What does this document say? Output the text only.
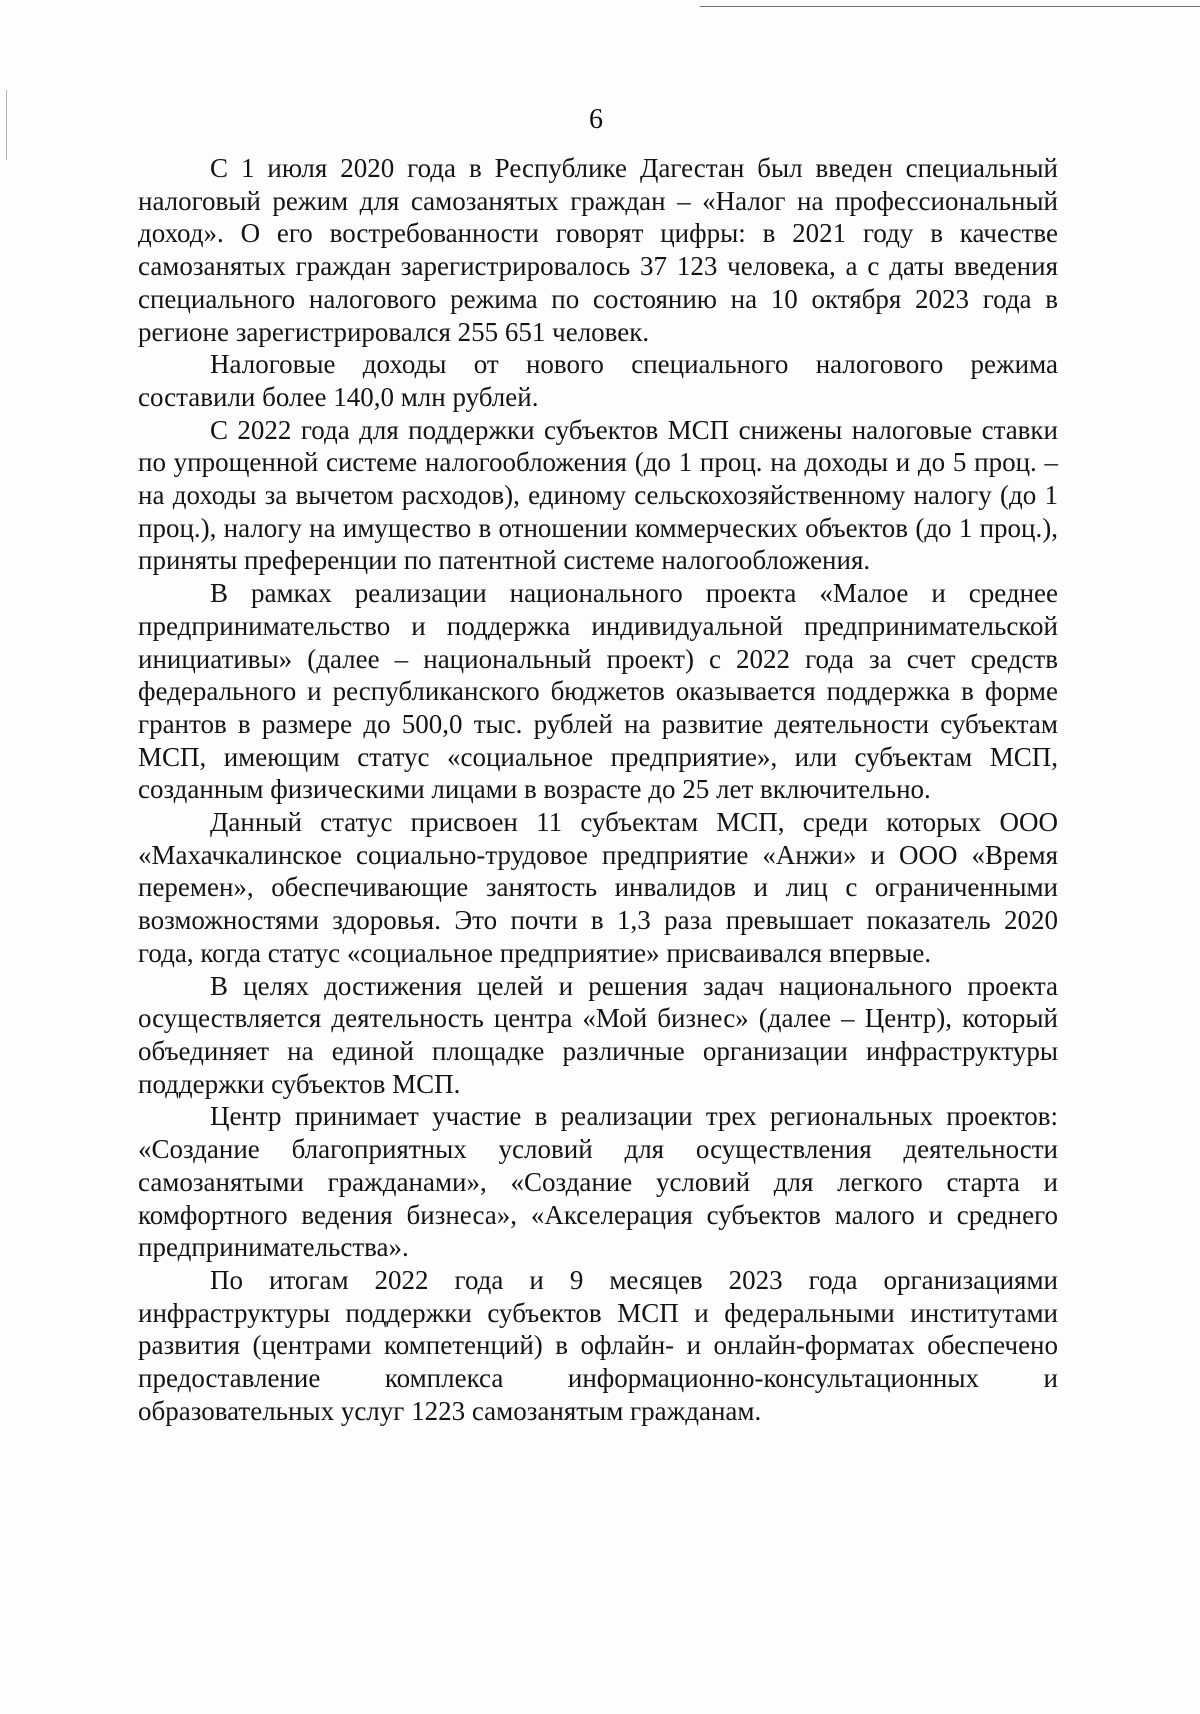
6

С 1 июля 2020 года в Республике Дагестан был введен специальный налоговый режим для самозанятых граждан – «Налог на профессиональный доход». О его востребованности говорят цифры: в 2021 году в качестве самозанятых граждан зарегистрировалось 37 123 человека, а с даты введения специального налогового режима по состоянию на 10 октября 2023 года в регионе зарегистрировался 255 651 человек.

Налоговые доходы от нового специального налогового режима составили более 140,0 млн рублей.

С 2022 года для поддержки субъектов МСП снижены налоговые ставки по упрощенной системе налогообложения (до 1 проц. на доходы и до 5 проц. – на доходы за вычетом расходов), единому сельскохозяйственному налогу (до 1 проц.), налогу на имущество в отношении коммерческих объектов (до 1 проц.), приняты преференции по патентной системе налогообложения.

В рамках реализации национального проекта «Малое и среднее предпринимательство и поддержка индивидуальной предпринимательской инициативы» (далее – национальный проект) с 2022 года за счет средств федерального и республиканского бюджетов оказывается поддержка в форме грантов в размере до 500,0 тыс. рублей на развитие деятельности субъектам МСП, имеющим статус «социальное предприятие», или субъектам МСП, созданным физическими лицами в возрасте до 25 лет включительно.

Данный статус присвоен 11 субъектам МСП, среди которых ООО «Махачкалинское социально-трудовое предприятие «Анжи» и ООО «Время перемен», обеспечивающие занятость инвалидов и лиц с ограниченными возможностями здоровья. Это почти в 1,3 раза превышает показатель 2020 года, когда статус «социальное предприятие» присваивался впервые.

В целях достижения целей и решения задач национального проекта осуществляется деятельность центра «Мой бизнес» (далее – Центр), который объединяет на единой площадке различные организации инфраструктуры поддержки субъектов МСП.

Центр принимает участие в реализации трех региональных проектов: «Создание благоприятных условий для осуществления деятельности самозанятыми гражданами», «Создание условий для легкого старта и комфортного ведения бизнеса», «Акселерация субъектов малого и среднего предпринимательства».

По итогам 2022 года и 9 месяцев 2023 года организациями инфраструктуры поддержки субъектов МСП и федеральными институтами развития (центрами компетенций) в офлайн- и онлайн-форматах обеспечено предоставление комплекса информационно-консультационных и образовательных услуг 1223 самозанятым гражданам.
